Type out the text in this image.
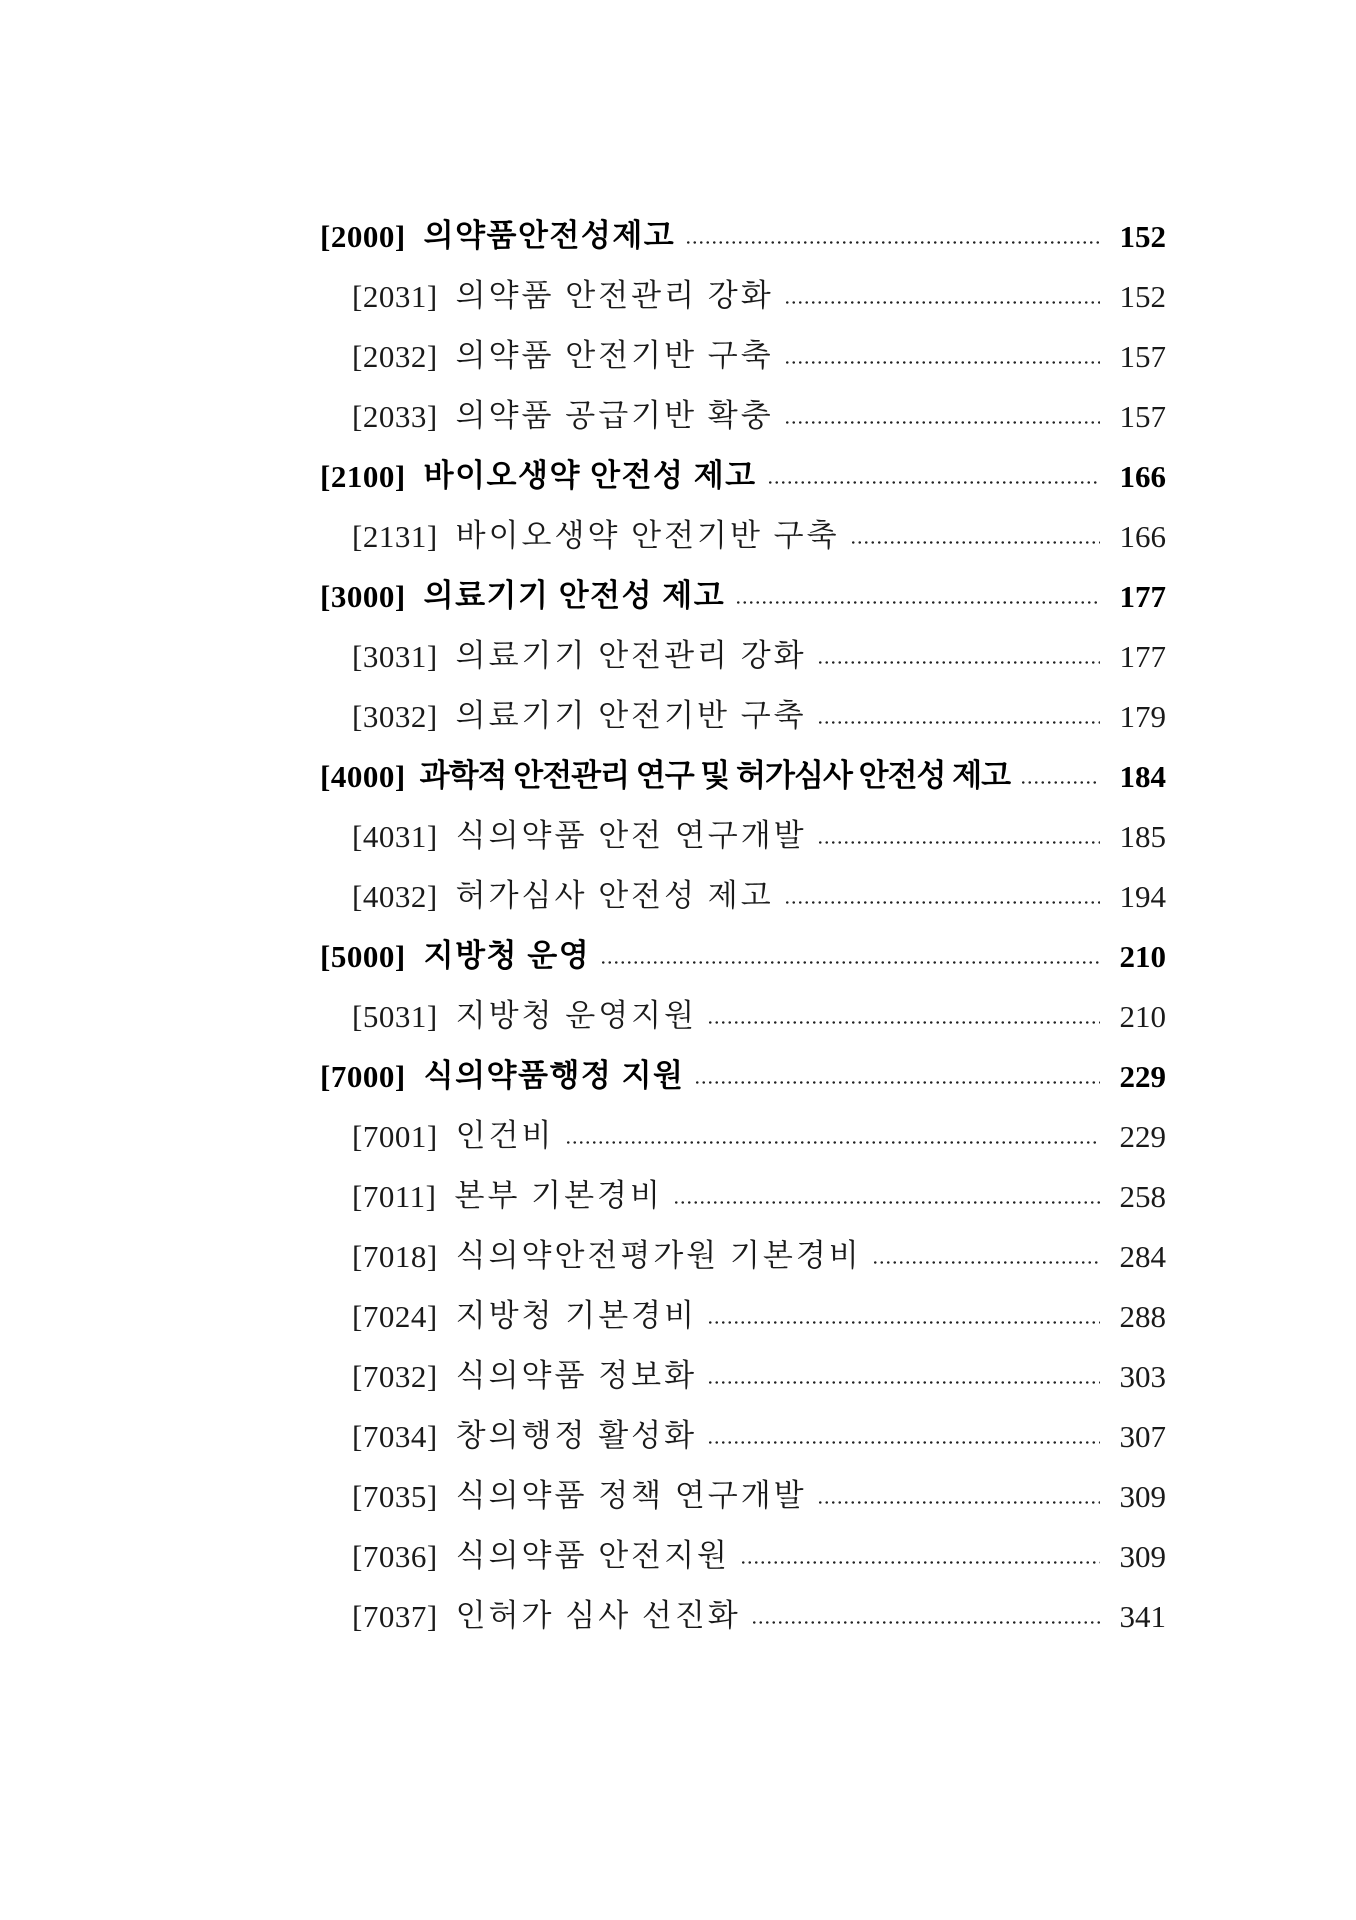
[2000] 의약품안전성제고	152
[2031] 의약품 안전관리 강화	152
[2032] 의약품 안전기반 구축	157
[2033] 의약품 공급기반 확충	157
[2100] 바이오생약 안전성 제고	166
[2131] 바이오생약 안전기반 구축	166
[3000] 의료기기 안전성 제고	177
[3031] 의료기기 안전관리 강화	177
[3032] 의료기기 안전기반 구축	179
[4000] 과학적 안전관리 연구 및 허가심사 안전성 제고	184
[4031] 식의약품 안전 연구개발	185
[4032] 허가심사 안전성 제고	194
[5000] 지방청 운영	210
[5031] 지방청 운영지원	210
[7000] 식의약품행정 지원	229
[7001] 인건비	229
[7011] 본부 기본경비	258
[7018] 식의약안전평가원 기본경비	284
[7024] 지방청 기본경비	288
[7032] 식의약품 정보화	303
[7034] 창의행정 활성화	307
[7035] 식의약품 정책 연구개발	309
[7036] 식의약품 안전지원	309
[7037] 인허가 심사 선진화	341
